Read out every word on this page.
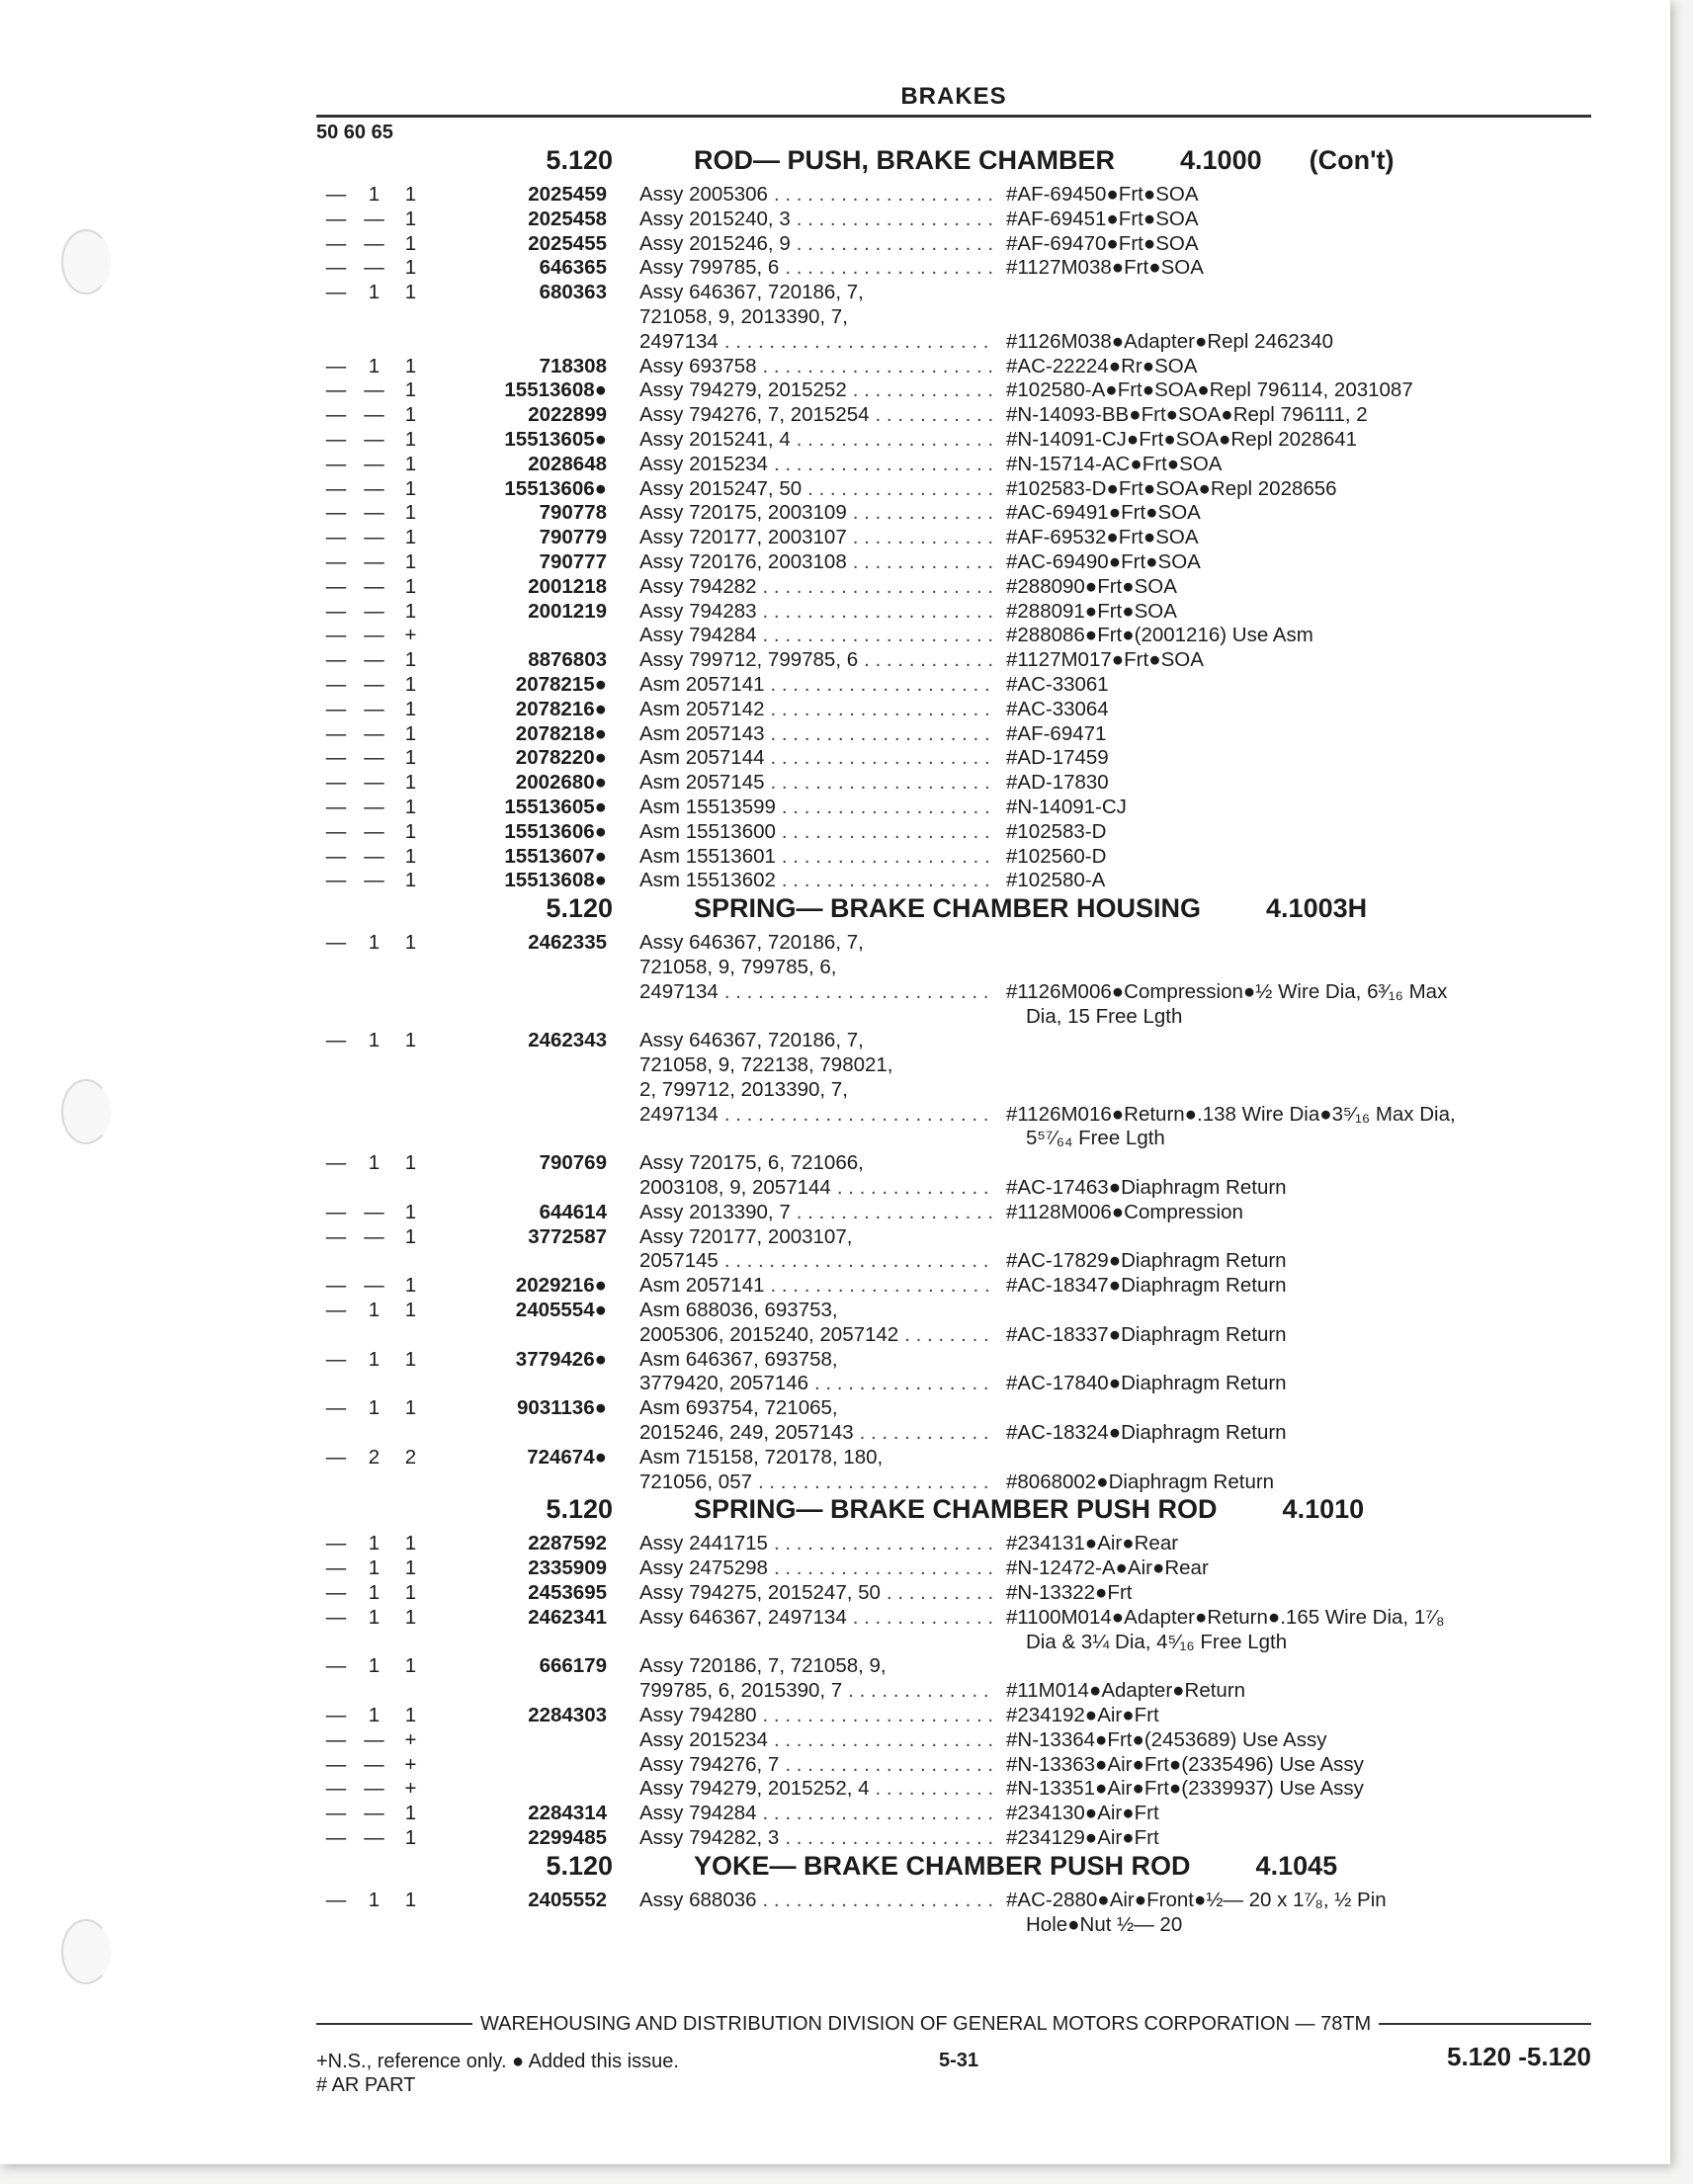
BRAKES
50 60 65
5.120	ROD— PUSH, BRAKE CHAMBER 4.1000 (Con't)
—	1	1	2025459 Assy 2005306 . . .	#AF-69450●Frt●SOA
— —	1	2025458 Assy 2015240, 3 . . .	#AF-69451●Frt●SOA
— —	1	2025455 Assy 2015246, 9 . . .	#AF-69470●Frt●SOA
— —	1	646365 Assy 799785, 6 . . .	#1127M038●Frt●SOA
—	1	1	680363 Assy 646367, 720186, 7,
721058, 9, 2013390, 7,
2497134 . . .	#1126M038●Adapter●Repl 2462340
—	1	1	718308 Assy 693758 . . .	#AC-22224●Rr●SOA
— —	1	15513608● Assy 794279, 2015252 . . .	#102580-A●Frt●SOA●Repl 796114, 2031087
— —	1	2022899 Assy 794276, 7, 2015254 . . .	#N-14093-BB●Frt●SOA●Repl 796111, 2
— —	1	15513605● Assy 2015241, 4 . . .	#N-14091-CJ●Frt●SOA●Repl 2028641
— —	1	2028648 Assy 2015234 . . .	#N-15714-AC●Frt●SOA
— —	1	15513606● Assy 2015247, 50 . . .	#102583-D●Frt●SOA●Repl 2028656
— —	1	790778 Assy 720175, 2003109 . . .	#AC-69491●Frt●SOA
— —	1	790779 Assy 720177, 2003107 . . .	#AF-69532●Frt●SOA
— —	1	790777 Assy 720176, 2003108 . . .	#AC-69490●Frt●SOA
— —	1	2001218 Assy 794282 . . .	#288090●Frt●SOA
— —	1	2001219 Assy 794283 . . .	#288091●Frt●SOA
— —	+	Assy 794284 . . .	#288086●Frt●(2001216) Use Asm
— —	1	8876803 Assy 799712, 799785, 6 . . .	#1127M017●Frt●SOA
— —	1	2078215● Asm 2057141 . . .	#AC-33061
— —	1	2078216● Asm 2057142 . . .	#AC-33064
— —	1	2078218● Asm 2057143 . . .	#AF-69471
— —	1	2078220● Asm 2057144 . . .	#AD-17459
— —	1	2002680● Asm 2057145 . . .	#AD-17830
— —	1	15513605● Asm 15513599 . . .	#N-14091-CJ
— —	1	15513606● Asm 15513600 . . .	#102583-D
— —	1	15513607● Asm 15513601 . . .	#102560-D
— —	1	15513608● Asm 15513602 . . .	#102580-A
5.120	SPRING— BRAKE CHAMBER HOUSING 4.1003H
—	1	1	2462335 Assy 646367, 720186, 7,
721058, 9, 799785, 6,
2497134 . . .	#1126M006●Compression●½ Wire Dia, 6³⁄₁₆ Max
Dia, 15 Free Lgth
—	1	1	2462343 Assy 646367, 720186, 7,
721058, 9, 722138, 798021,
2, 799712, 2013390, 7,
2497134 . . .	#1126M016●Return●.138 Wire Dia●3⁵⁄₁₆ Max Dia,
5⁵⁷⁄₆₄ Free Lgth
—	1	1	790769 Assy 720175, 6, 721066,
2003108, 9, 2057144 . . .	#AC-17463●Diaphragm Return
— —	1	644614 Assy 2013390, 7 . . .	#1128M006●Compression
— —	1	3772587 Assy 720177, 2003107,
2057145 . . .	#AC-17829●Diaphragm Return
— —	1	2029216● Asm 2057141 . . .	#AC-18347●Diaphragm Return
—	1	1	2405554● Asm 688036, 693753,
2005306, 2015240, 2057142 . . .	#AC-18337●Diaphragm Return
—	1	1	3779426● Asm 646367, 693758,
3779420, 2057146 . . .	#AC-17840●Diaphragm Return
—	1	1	9031136● Asm 693754, 721065,
2015246, 249, 2057143 . . .	#AC-18324●Diaphragm Return
—	2	2	724674● Asm 715158, 720178, 180,
721056, 057 . . .	#8068002●Diaphragm Return
5.120	SPRING— BRAKE CHAMBER PUSH ROD 4.1010
—	1	1	2287592 Assy 2441715 . . .	#234131●Air●Rear
—	1	1	2335909 Assy 2475298 . . .	#N-12472-A●Air●Rear
—	1	1	2453695 Assy 794275, 2015247, 50 . . .	#N-13322●Frt
—	1	1	2462341 Assy 646367, 2497134 . . .	#1100M014●Adapter●Return●.165 Wire Dia, 1⁷⁄₈
Dia & 3¼ Dia, 4⁵⁄₁₆ Free Lgth
—	1	1	666179 Assy 720186, 7, 721058, 9,
799785, 6, 2015390, 7 . . .	#11M014●Adapter●Return
—	1	1	2284303 Assy 794280 . . .	#234192●Air●Frt
— —	+	Assy 2015234 . . .	#N-13364●Frt●(2453689) Use Assy
— —	+	Assy 794276, 7 . . .	#N-13363●Air●Frt●(2335496) Use Assy
— —	+	Assy 794279, 2015252, 4 . . .	#N-13351●Air●Frt●(2339937) Use Assy
— —	1	2284314 Assy 794284 . . .	#234130●Air●Frt
— —	1	2299485 Assy 794282, 3 . . .	#234129●Air●Frt
5.120	YOKE— BRAKE CHAMBER PUSH ROD 4.1045
—	1	1	2405552 Assy 688036 . . .	#AC-2880●Air●Front●½— 20 x 1⁷⁄₈, ½ Pin
Hole●Nut ½— 20
WAREHOUSING AND DISTRIBUTION DIVISION OF GENERAL MOTORS CORPORATION — 78TM
+N.S., reference only. ● Added this issue.
# AR PART
5-31	5.120 -5.120
